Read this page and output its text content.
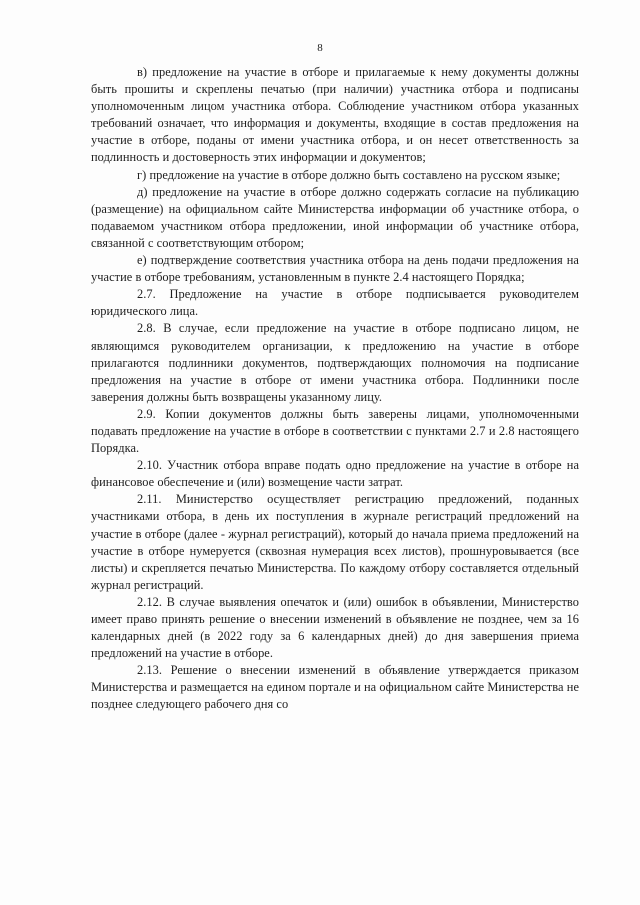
8

в) предложение на участие в отборе и прилагаемые к нему документы должны быть прошиты и скреплены печатью (при наличии) участника отбора и подписаны уполномоченным лицом участника отбора. Соблюдение участником отбора указанных требований означает, что информация и документы, входящие в состав предложения на участие в отборе, поданы от имени участника отбора, и он несет ответственность за подлинность и достоверность этих информации и документов;

г) предложение на участие в отборе должно быть составлено на русском языке;

д) предложение на участие в отборе должно содержать согласие на публикацию (размещение) на официальном сайте Министерства информации об участнике отбора, о подаваемом участником отбора предложении, иной информации об участнике отбора, связанной с соответствующим отбором;

е) подтверждение соответствия участника отбора на день подачи предложения на участие в отборе требованиям, установленным в пункте 2.4 настоящего Порядка;

2.7. Предложение на участие в отборе подписывается руководителем юридического лица.

2.8. В случае, если предложение на участие в отборе подписано лицом, не являющимся руководителем организации, к предложению на участие в отборе прилагаются подлинники документов, подтверждающих полномочия на подписание предложения на участие в отборе от имени участника отбора. Подлинники после заверения должны быть возвращены указанному лицу.

2.9. Копии документов должны быть заверены лицами, уполномоченными подавать предложение на участие в отборе в соответствии с пунктами 2.7 и 2.8 настоящего Порядка.

2.10. Участник отбора вправе подать одно предложение на участие в отборе на финансовое обеспечение и (или) возмещение части затрат.

2.11. Министерство осуществляет регистрацию предложений, поданных участниками отбора, в день их поступления в журнале регистраций предложений на участие в отборе (далее - журнал регистраций), который до начала приема предложений на участие в отборе нумеруется (сквозная нумерация всех листов), прошнуровывается (все листы) и скрепляется печатью Министерства. По каждому отбору составляется отдельный журнал регистраций.

2.12. В случае выявления опечаток и (или) ошибок в объявлении, Министерство имеет право принять решение о внесении изменений в объявление не позднее, чем за 16 календарных дней (в 2022 году за 6 календарных дней) до дня завершения приема предложений на участие в отборе.

2.13. Решение о внесении изменений в объявление утверждается приказом Министерства и размещается на едином портале и на официальном сайте Министерства не позднее следующего рабочего дня со
